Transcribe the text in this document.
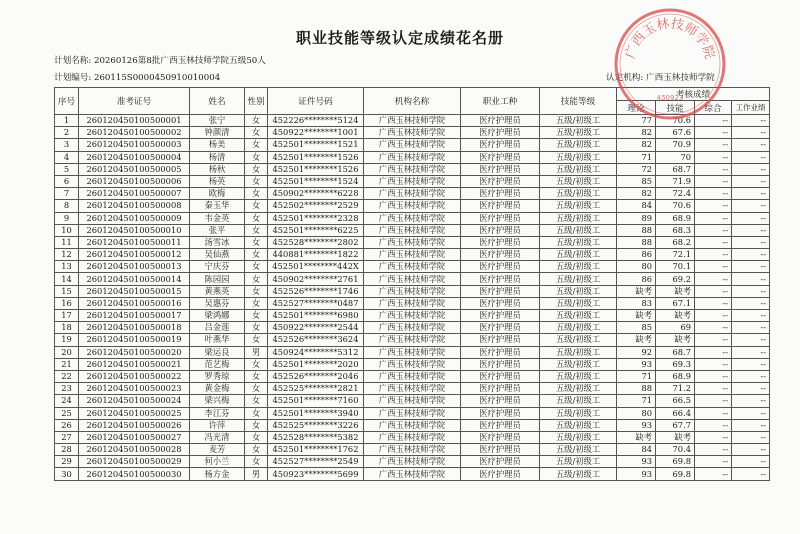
职业技能等级认定成绩花名册
计划名称: 20260126第8批广西玉林技师学院五级50人
计划编号: 260115S0000450910010004	认定机构: 广西玉林技师学院
序号	准考证号	姓名	性别	证件号码	机构名称	职业工种	技能等级	考核成绩			
								理论	技能	综合	工作业绩
1	260120450100500001	张宁	女	452226********5124	广西玉林技师学院	医疗护理员	五级/初级工	77	70.6	--	--
2	260120450100500002	钟颜清	女	450922********1001	广西玉林技师学院	医疗护理员	五级/初级工	82	67.6	--	--
3	260120450100500003	杨美	女	452501********1521	广西玉林技师学院	医疗护理员	五级/初级工	82	70.9	--	--
4	260120450100500004	杨清	女	452501********1526	广西玉林技师学院	医疗护理员	五级/初级工	71	70	--	--
5	260120450100500005	杨秋	女	452501********1526	广西玉林技师学院	医疗护理员	五级/初级工	72	68.7	--	--
6	260120450100500006	杨英	女	452501********1524	广西玉林技师学院	医疗护理员	五级/初级工	85	71.9	--	--
7	260120450100500007	欧梅	女	450902********6228	广西玉林技师学院	医疗护理员	五级/初级工	82	72.4	--	--
8	260120450100500008	秦玉华	女	452502********2529	广西玉林技师学院	医疗护理员	五级/初级工	84	70.6	--	--
9	260120450100500009	韦金英	女	452501********2328	广西玉林技师学院	医疗护理员	五级/初级工	89	68.9	--	--
10	260120450100500010	张平	女	452501********6225	广西玉林技师学院	医疗护理员	五级/初级工	88	68.3	--	--
11	260120450100500011	汤雪冰	女	452528********2802	广西玉林技师学院	医疗护理员	五级/初级工	88	68.2	--	--
12	260120450100500012	吴仙燕	女	440881********1822	广西玉林技师学院	医疗护理员	五级/初级工	86	72.1	--	--
13	260120450100500013	宁庆芬	女	452501********442X	广西玉林技师学院	医疗护理员	五级/初级工	80	70.1	--	--
14	260120450100500014	陈园园	女	450902********2761	广西玉林技师学院	医疗护理员	五级/初级工	86	69.2	--	--
15	260120450100500015	黄燕英	女	452526********1746	广西玉林技师学院	医疗护理员	五级/初级工	缺考	缺考	--	--
16	260120450100500016	吴惠芬	女	452527********0487	广西玉林技师学院	医疗护理员	五级/初级工	83	67.1	--	--
17	260120450100500017	梁鸿娜	女	452501********6980	广西玉林技师学院	医疗护理员	五级/初级工	缺考	缺考	--	--
18	260120450100500018	吕金莲	女	450922********2544	广西玉林技师学院	医疗护理员	五级/初级工	85	69	--	--
19	260120450100500019	叶燕华	女	452526********3624	广西玉林技师学院	医疗护理员	五级/初级工	缺考	缺考	--	--
20	260120450100500020	梁运良	男	450924********5312	广西玉林技师学院	医疗护理员	五级/初级工	92	68.7	--	--
21	260120450100500021	范艺梅	女	452501********2020	广西玉林技师学院	医疗护理员	五级/初级工	93	69.3	--	--
22	260120450100500022	罗秀琼	女	452526********2046	广西玉林技师学院	医疗护理员	五级/初级工	71	68.9	--	--
23	260120450100500023	黄金梅	女	452525********2821	广西玉林技师学院	医疗护理员	五级/初级工	88	71.2	--	--
24	260120450100500024	梁兴梅	女	452501********7160	广西玉林技师学院	医疗护理员	五级/初级工	71	66.5	--	--
25	260120450100500025	李江芬	女	452501********3940	广西玉林技师学院	医疗护理员	五级/初级工	80	66.4	--	--
26	260120450100500026	许萍	女	452525********3226	广西玉林技师学院	医疗护理员	五级/初级工	93	67.7	--	--
27	260120450100500027	冯光清	女	452528********5382	广西玉林技师学院	医疗护理员	五级/初级工	缺考	缺考	--	--
28	260120450100500028	麦芳	女	452501********1762	广西玉林技师学院	医疗护理员	五级/初级工	84	70.4	--	--
29	260120450100500029	何小兰	女	452527********2549	广西玉林技师学院	医疗护理员	五级/初级工	93	69.8	--	--
30	260120450100500030	杨方金	男	450923********5699	广西玉林技师学院	医疗护理员	五级/初级工	93	69.8	--	--
广西玉林技师学院
450923
